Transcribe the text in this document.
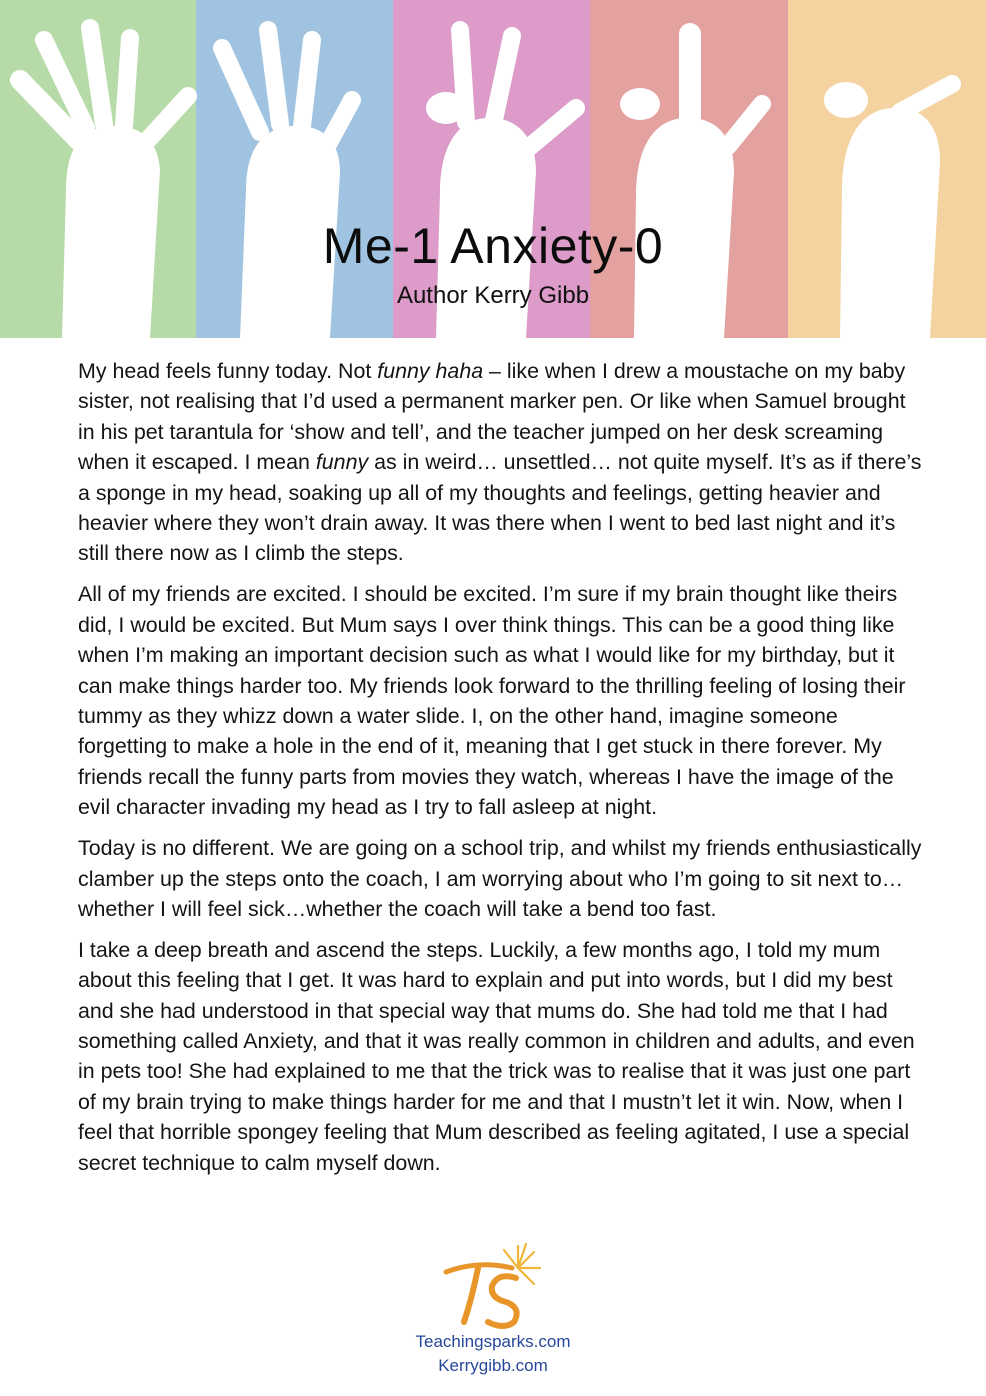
Me-1 Anxiety-0
Author Kerry Gibb

My head feels funny today. Not funny haha – like when I drew a moustache on my baby sister, not realising that I’d used a permanent marker pen. Or like when Samuel brought in his pet tarantula for ‘show and tell’, and the teacher jumped on her desk screaming when it escaped. I mean funny as in weird… unsettled… not quite myself. It’s as if there’s a sponge in my head, soaking up all of my thoughts and feelings, getting heavier and heavier where they won’t drain away. It was there when I went to bed last night and it’s still there now as I climb the steps.

All of my friends are excited. I should be excited. I’m sure if my brain thought like theirs did, I would be excited. But Mum says I over think things. This can be a good thing like when I’m making an important decision such as what I would like for my birthday, but it can make things harder too. My friends look forward to the thrilling feeling of losing their tummy as they whizz down a water slide. I, on the other hand, imagine someone forgetting to make a hole in the end of it, meaning that I get stuck in there forever. My friends recall the funny parts from movies they watch, whereas I have the image of the evil character invading my head as I try to fall asleep at night.

Today is no different. We are going on a school trip, and whilst my friends enthusiastically clamber up the steps onto the coach, I am worrying about who I’m going to sit next to… whether I will feel sick…whether the coach will take a bend too fast.

I take a deep breath and ascend the steps. Luckily, a few months ago, I told my mum about this feeling that I get. It was hard to explain and put into words, but I did my best and she had understood in that special way that mums do. She had told me that I had something called Anxiety, and that it was really common in children and adults, and even in pets too! She had explained to me that the trick was to realise that it was just one part of my brain trying to make things harder for me and that I mustn’t let it win. Now, when I feel that horrible spongey feeling that Mum described as feeling agitated, I use a special secret technique to calm myself down.

Teachingsparks.com
Kerrygibb.com
